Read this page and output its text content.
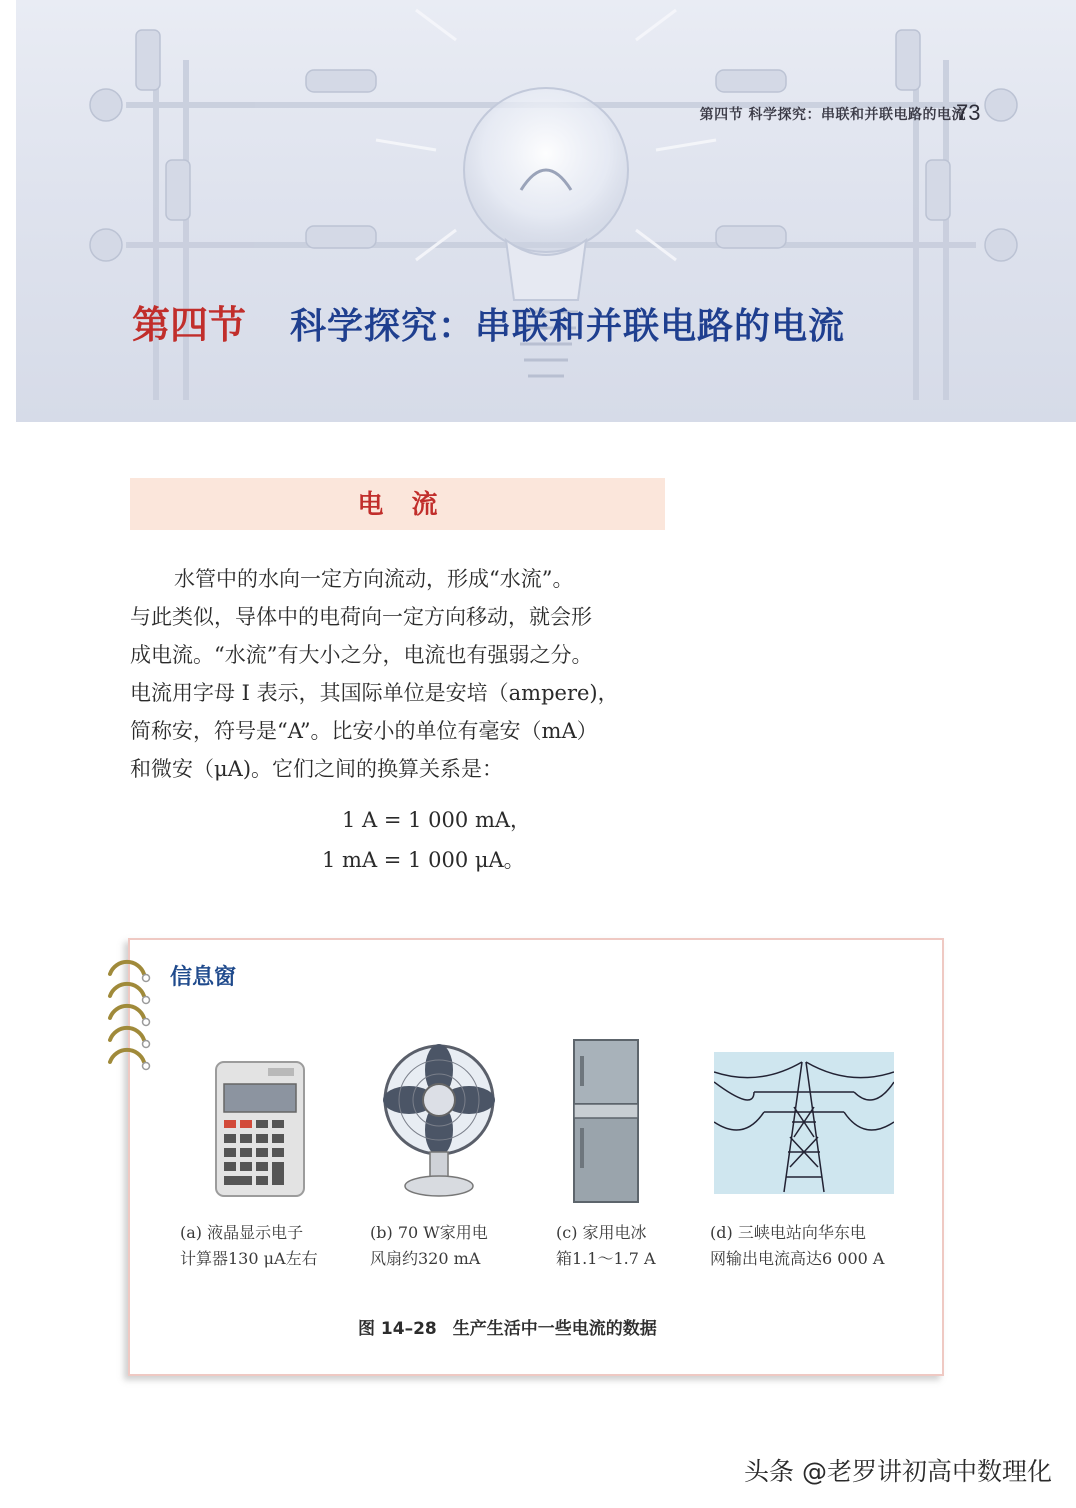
第四节 科学探究：串联和并联电路的电流
73
第四节 科学探究：串联和并联电路的电流
电流

水管中的水向一定方向流动，形成“水流”。

与此类似，导体中的电荷向一定方向移动，就会形
成电流。“水流”有大小之分，电流也有强弱之分。
电流用字母 I 表示，其国际单位是安培（ampere)，
简称安，符号是“A”。比安小的单位有毫安（mA）
和微安（μA)。它们之间的换算关系是：
1 A = 1 000 mA，
1 mA = 1 000 μA。
信息窗
(a) 液晶显示电子
计算器130 μA左右
(b) 70 W家用电
风扇约320 mA
(c) 家用电冰
箱1.1～1.7 A
(d) 三峡电站向华东电
网输出电流高达6 000 A
图 14–28 生产生活中一些电流的数据
头条 @老罗讲初高中数理化
